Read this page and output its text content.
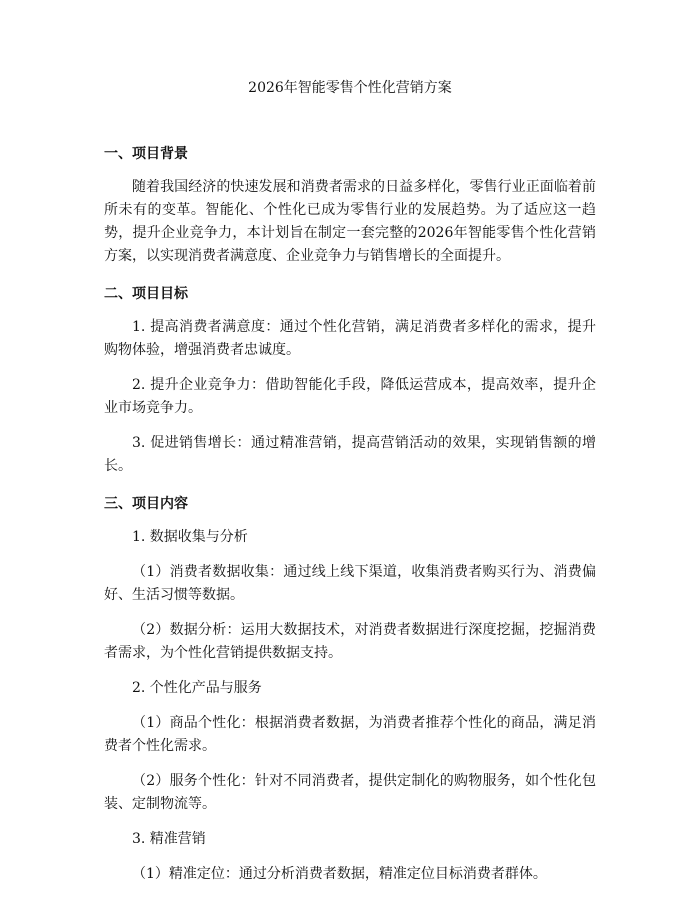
2026年智能零售个性化营销方案
一、项目背景

随着我国经济的快速发展和消费者需求的日益多样化，零售行业正面临着前所未有的变革。智能化、个性化已成为零售行业的发展趋势。为了适应这一趋势，提升企业竞争力，本计划旨在制定一套完整的2026年智能零售个性化营销方案，以实现消费者满意度、企业竞争力与销售增长的全面提升。

二、项目目标

1. 提高消费者满意度：通过个性化营销，满足消费者多样化的需求，提升购物体验，增强消费者忠诚度。

2. 提升企业竞争力：借助智能化手段，降低运营成本，提高效率，提升企业市场竞争力。

3. 促进销售增长：通过精准营销，提高营销活动的效果，实现销售额的增长。

三、项目内容
1. 数据收集与分析

（1）消费者数据收集：通过线上线下渠道，收集消费者购买行为、消费偏好、生活习惯等数据。

（2）数据分析：运用大数据技术，对消费者数据进行深度挖掘，挖掘消费者需求，为个性化营销提供数据支持。

2. 个性化产品与服务

（1）商品个性化：根据消费者数据，为消费者推荐个性化的商品，满足消费者个性化需求。

（2）服务个性化：针对不同消费者，提供定制化的购物服务，如个性化包装、定制物流等。

3. 精准营销

（1）精准定位：通过分析消费者数据，精准定位目标消费者群体。
